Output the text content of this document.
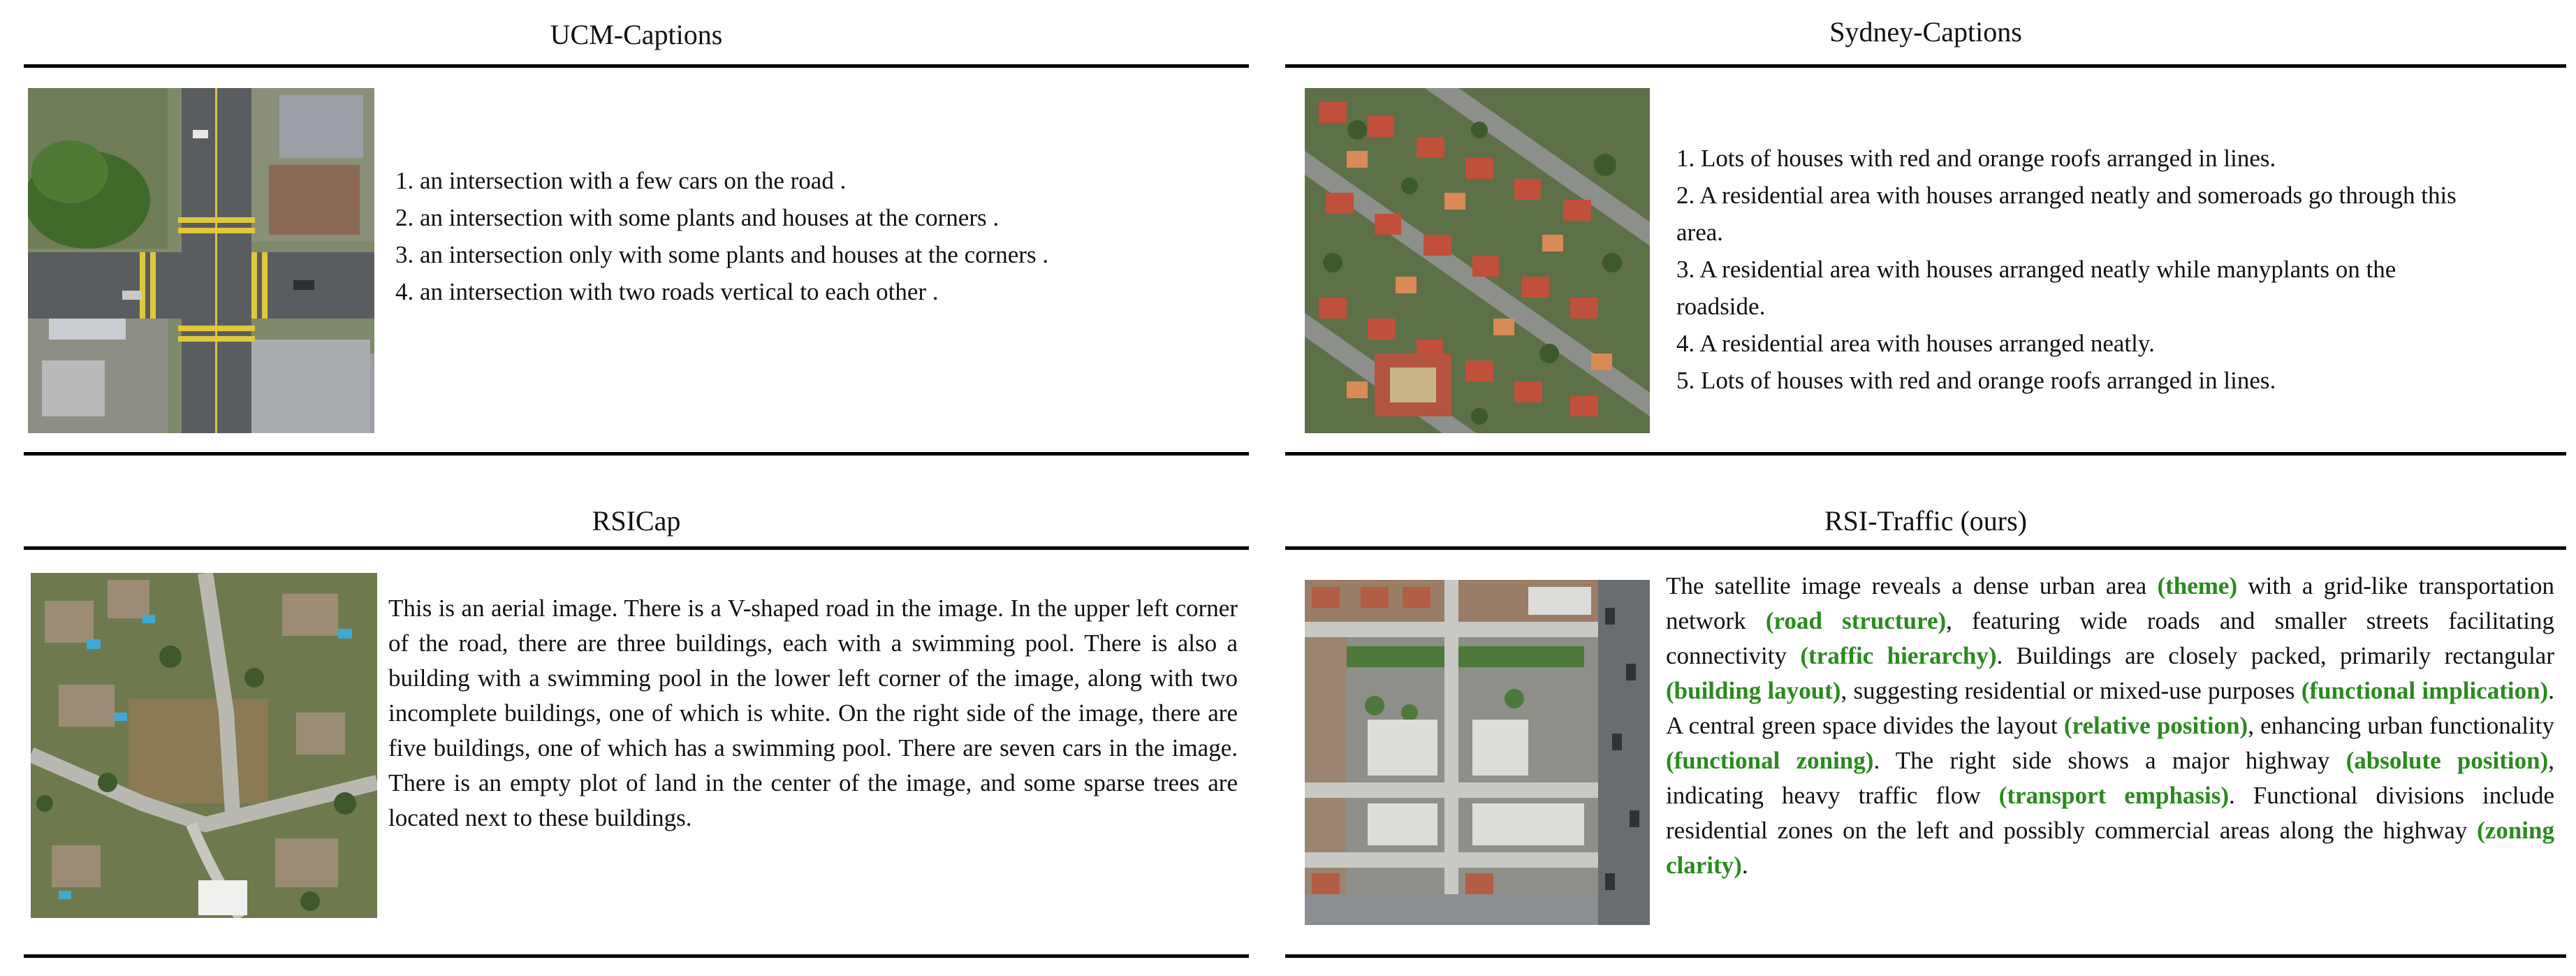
UCM-Captions
1. an intersection with a few cars on the road .
2. an intersection with some plants and houses at the corners .
3. an intersection only with some plants and houses at the corners .
4. an intersection with two roads vertical to each other .
Sydney-Captions
1. Lots of houses with red and orange roofs arranged in lines.
2. A residential area with houses arranged neatly and someroads go through this area.
3. A residential area with houses arranged neatly while manyplants on the roadside.
4. A residential area with houses arranged neatly.
5. Lots of houses with red and orange roofs arranged in lines.
RSICap

This is an aerial image. There is a V-shaped road in the image. In the upper left corner of the road, there are three buildings, each with a swimming pool. There is also a building with a swimming pool in the lower left corner of the image, along with two incomplete buildings, one of which is white. On the right side of the image, there are five buildings, one of which has a swimming pool. There are seven cars in the image. There is an empty plot of land in the center of the image, and some sparse trees are located next to these buildings.

RSI-Traffic (ours)

The satellite image reveals a dense urban area (theme) with a grid-like transportation network (road structure), featuring wide roads and smaller streets facilitating connectivity (traffic hierarchy). Buildings are closely packed, primarily rectangular (building layout), suggesting residential or mixed-use purposes (functional implication). A central green space divides the layout (relative position), enhancing urban functionality (functional zoning). The right side shows a major highway (absolute position), indicating heavy traffic flow (transport emphasis). Functional divisions include residential zones on the left and possibly commercial areas along the highway (zoning clarity).
